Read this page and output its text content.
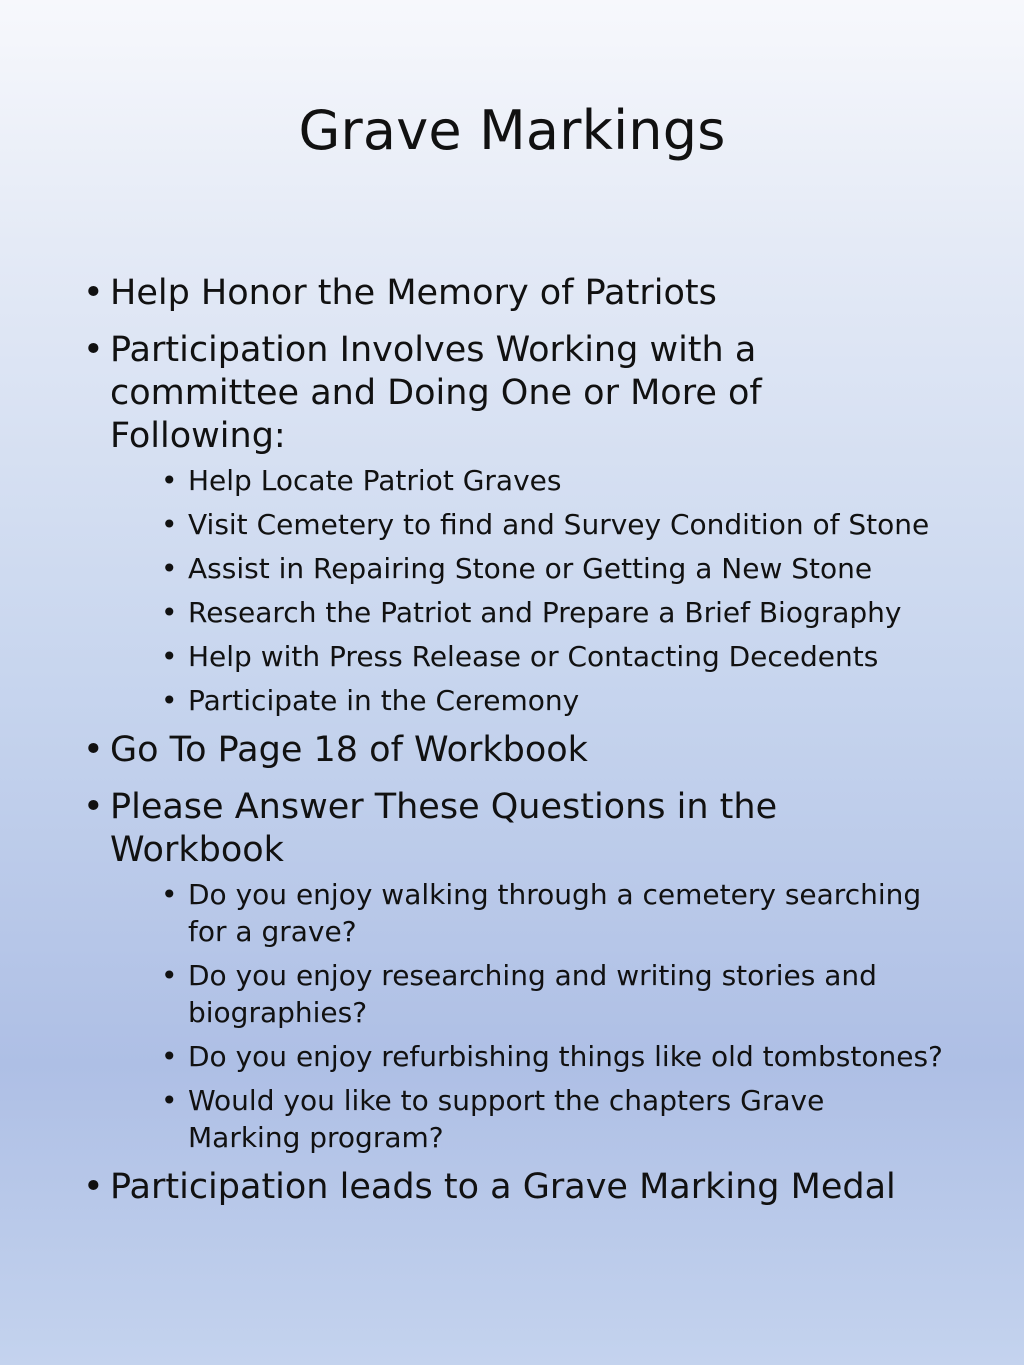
Grave Markings
• Help Honor the Memory of Patriots
• Participation Involves Working with a committee and Doing One or More of Following:
• Help Locate Patriot Graves
• Visit Cemetery to find and Survey Condition of Stone
• Assist in Repairing Stone or Getting a New Stone
• Research the Patriot and Prepare a Brief Biography
• Help with Press Release or Contacting Decedents
• Participate in the Ceremony
• Go To Page 18 of Workbook
• Please Answer These Questions in the Workbook
• Do you enjoy walking through a cemetery searching for a grave?
• Do you enjoy researching and writing stories and biographies?
• Do you enjoy refurbishing things like old tombstones?
• Would you like to support the chapters Grave Marking program?
• Participation leads to a Grave Marking Medal
